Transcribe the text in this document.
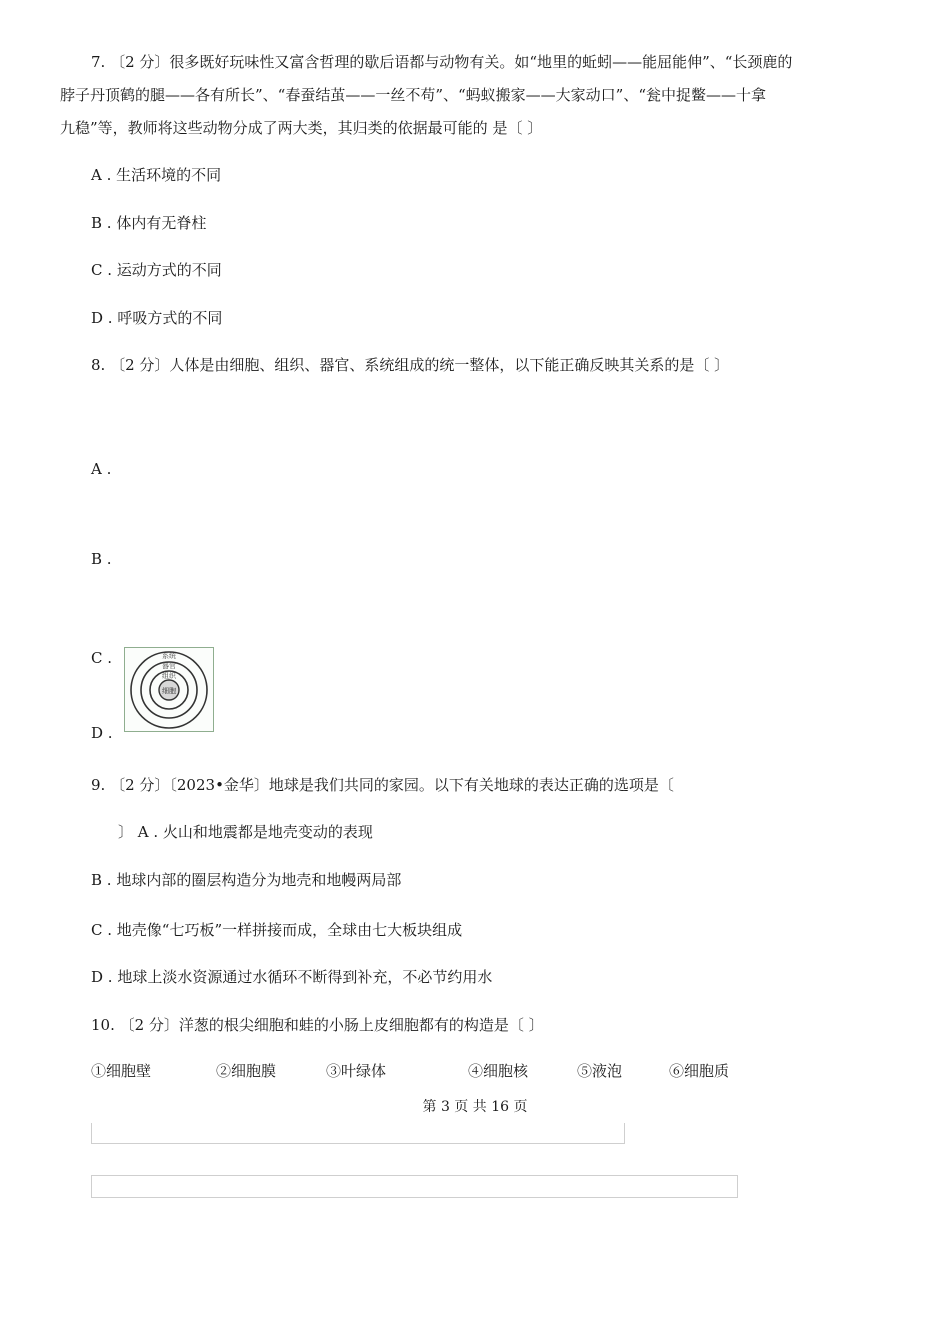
7. 〔2 分〕很多既好玩味性又富含哲理的歇后语都与动物有关。如“地里的蚯蚓——能屈能伸”、“长颈鹿的
脖子丹顶鹤的腿——各有所长”、“春蚕结茧——一丝不苟”、“蚂蚁搬家——大家动口”、“瓮中捉鳖——十拿
九稳”等，教师将这些动物分成了两大类，其归类的依据最可能的 是〔 〕
A . 生活环境的不同
B . 体内有无脊柱
C . 运动方式的不同
D . 呼吸方式的不同
8. 〔2 分〕人体是由细胞、组织、器官、系统组成的统一整体，以下能正确反映其关系的是〔 〕
A .
B .
C .	系统
器官
组织
细胞
D .
9. 〔2 分〕〔2023•金华〕地球是我们共同的家园。以下有关地球的表达正确的选项是〔
〕 A . 火山和地震都是地壳变动的表现
B . 地球内部的圈层构造分为地壳和地幔两局部
C . 地壳像“七巧板”一样拼接而成，全球由七大板块组成
D . 地球上淡水资源通过水循环不断得到补充，不必节约用水
10. 〔2 分〕洋葱的根尖细胞和蛙的小肠上皮细胞都有的构造是〔 〕
①细胞壁	②细胞膜	③叶绿体	④细胞核	⑤液泡	⑥细胞质
第 3 页 共 16 页
